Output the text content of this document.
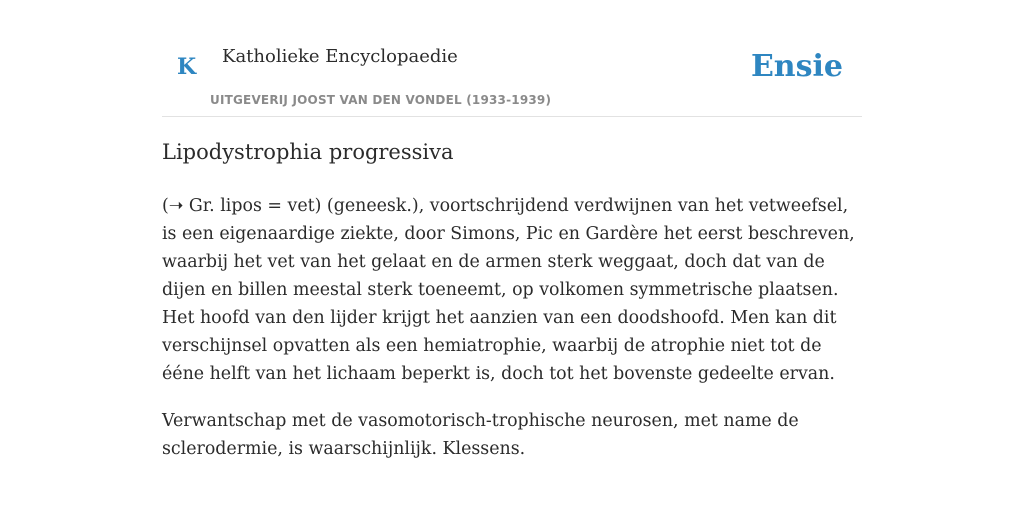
K Katholieke Encyclopaedie
UITGEVERIJ JOOST VAN DEN VONDEL (1933-1939)
Ensie
Lipodystrophia progressiva

(➝ Gr. lipos = vet) (geneesk.), voortschrijdend verdwijnen van het vetweefsel, is een eigenaardige ziekte, door Simons, Pic en Gardère het eerst beschreven, waarbij het vet van het gelaat en de armen sterk weggaat, doch dat van de dijen en billen meestal sterk toeneemt, op volkomen symmetrische plaatsen. Het hoofd van den lijder krijgt het aanzien van een doodshoofd. Men kan dit verschijnsel opvatten als een hemiatrophie, waarbij de atrophie niet tot de ééne helft van het lichaam beperkt is, doch tot het bovenste gedeelte ervan.

Verwantschap met de vasomotorisch-trophische neurosen, met name de sclerodermie, is waarschijnlijk. Klessens.
